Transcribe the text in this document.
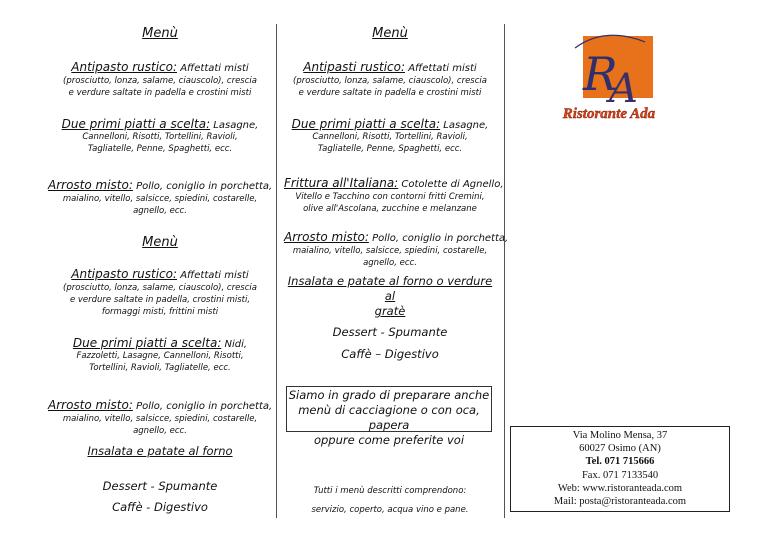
Menù
Antipasto rustico: Affettati misti
(prosciutto, lonza, salame, ciauscolo), crescia
e verdure saltate in padella e crostini misti
Due primi piatti a scelta: Lasagne,
Cannelloni, Risotti, Tortellini, Ravioli,
Tagliatelle, Penne, Spaghetti, ecc.
Arrosto misto: Pollo, coniglio in porchetta,
maialino, vitello, salsicce, spiedini, costarelle,
agnello, ecc.
Menù
Antipasto rustico: Affettati misti
(prosciutto, lonza, salame, ciauscolo), crescia
e verdure saltate in padella, crostini misti,
formaggi misti, frittini misti
Due primi piatti a scelta: Nidi,
Fazzoletti, Lasagne, Cannelloni, Risotti,
Tortellini, Ravioli, Tagliatelle, ecc.
Arrosto misto: Pollo, coniglio in porchetta,
maialino, vitello, salsicce, spiedini, costarelle,
agnello, ecc.
Insalata e patate al forno
Dessert - Spumante
Caffè - Digestivo
Menù
Antipasti rustico: Affettati misti
(prosciutto, lonza, salame, ciauscolo), crescia
e verdure saltate in padella e crostini misti
Due primi piatti a scelta: Lasagne,
Cannelloni, Risotti, Tortellini, Ravioli,
Tagliatelle, Penne, Spaghetti, ecc.
Frittura all'Italiana: Cotolette di Agnello,
Vitello e Tacchino con contorni fritti Cremini,
olive all'Ascolana, zucchine e melanzane
Arrosto misto: Pollo, coniglio in porchetta,
maialino, vitello, salsicce, spiedini, costarelle,
agnello, ecc.
Insalata e patate al forno o verdure al
gratè
Dessert - Spumante
Caffè – Digestivo
Siamo in grado di preparare anche
menù di cacciagione o con oca, papera
oppure come preferite voi
Tutti i menù descritti comprendono:
servizio, coperto, acqua vino e pane.
R
A
Ristorante Ada
Via Molino Mensa, 37
60027 Osimo (AN)
Tel. 071 715666
Fax. 071 7133540
Web: www.ristoranteada.com
Mail: posta@ristoranteada.com
